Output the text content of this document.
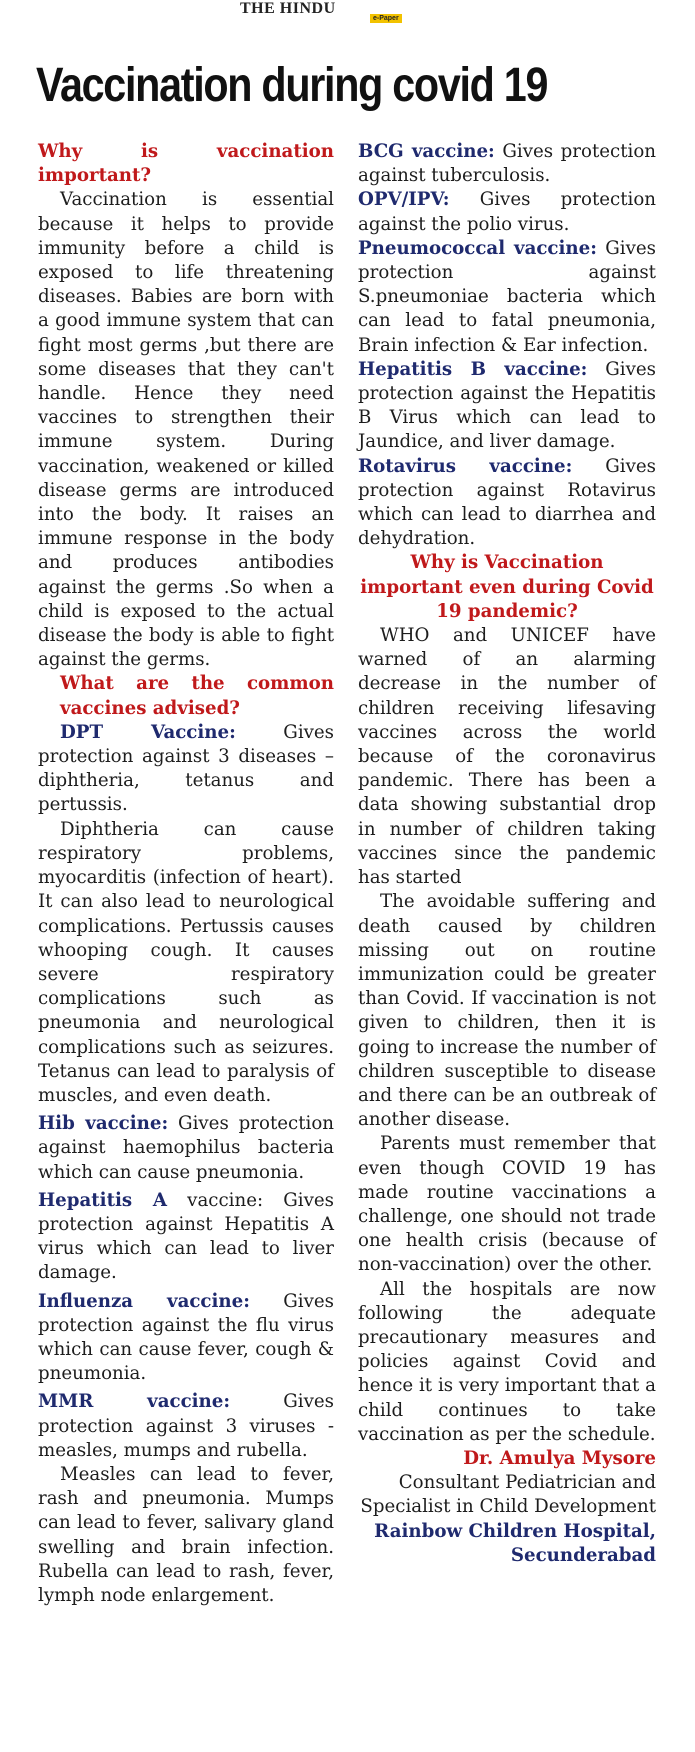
THE HINDU
e-Paper
Vaccination during covid 19

Why is vaccination important?

Vaccination is essential because it helps to provide immunity before a child is exposed to life threatening diseases. Babies are born with a good immune system that can fight most germs ,but there are some diseases that they can't handle. Hence they need vaccines to strengthen their immune system. During vaccination, weakened or killed disease germs are introduced into the body. It raises an immune response in the body and produces antibodies against the germs .So when a child is exposed to the actual disease the body is able to fight against the germs.

What are the common vaccines advised?

DPT Vaccine: Gives protection against 3 diseases – diphtheria, tetanus and pertussis.

Diphtheria can cause respiratory problems, myocarditis (infection of heart). It can also lead to neurological complications. Pertussis causes whooping cough. It causes severe respiratory complications such as pneumonia and neurological complications such as seizures. Tetanus can lead to paralysis of muscles, and even death.

Hib vaccine: Gives protection against haemophilus bacteria which can cause pneumonia.

Hepatitis A vaccine: Gives protection against Hepatitis A virus which can lead to liver damage.

Influenza vaccine: Gives protection against the flu virus which can cause fever, cough & pneumonia.

MMR vaccine: Gives protection against 3 viruses - measles, mumps and rubella.

Measles can lead to fever, rash and pneumonia. Mumps can lead to fever, salivary gland swelling and brain infection. Rubella can lead to rash, fever, lymph node enlargement.

BCG vaccine: Gives protection against tuberculosis.

OPV/IPV: Gives protection against the polio virus.

Pneumococcal vaccine: Gives protection against S.pneumoniae bacteria which can lead to fatal pneumonia, Brain infection & Ear infection.

Hepatitis B vaccine: Gives protection against the Hepatitis B Virus which can lead to Jaundice, and liver damage.

Rotavirus vaccine: Gives protection against Rotavirus which can lead to diarrhea and dehydration.

Why is Vaccination important even during Covid 19 pandemic?

WHO and UNICEF have warned of an alarming decrease in the number of children receiving lifesaving vaccines across the world because of the coronavirus pandemic. There has been a data showing substantial drop in number of children taking vaccines since the pandemic has started

The avoidable suffering and death caused by children missing out on routine immunization could be greater than Covid. If vaccination is not given to children, then it is going to increase the number of children susceptible to disease and there can be an outbreak of another disease.

Parents must remember that even though COVID 19 has made routine vaccinations a challenge, one should not trade one health crisis (because of non-vaccination) over the other.

All the hospitals are now following the adequate precautionary measures and policies against Covid and hence it is very important that a child continues to take vaccination as per the schedule.

Dr. Amulya Mysore

Consultant Pediatrician and Specialist in Child Development

Rainbow Children Hospital,

Secunderabad
